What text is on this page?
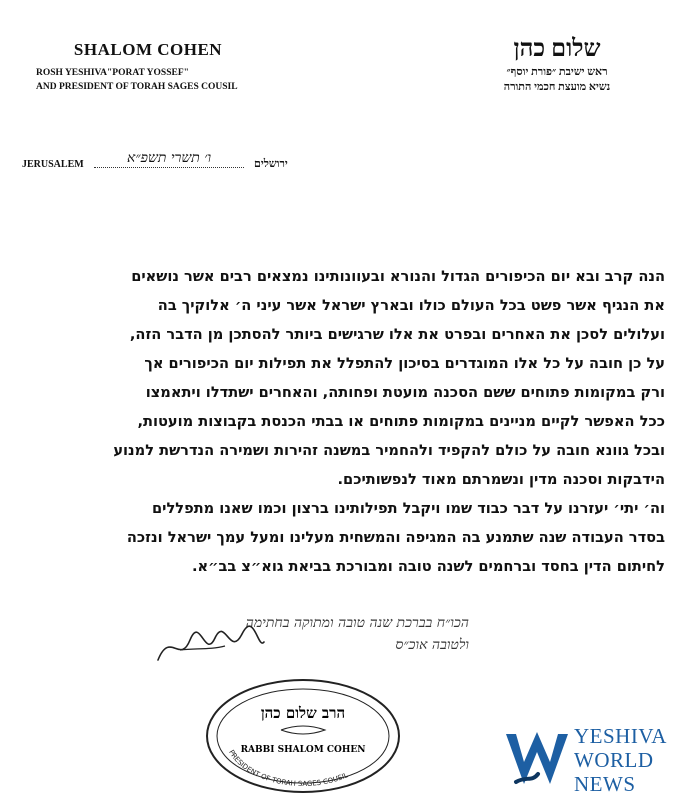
SHALOM COHEN
ROSH YESHIVA"PORAT YOSSEF"
AND PRESIDENT OF TORAH SAGES COUSIL
שלום כהן
ראש ישיבת ״פורת יוסף״
נשיא מועצת חכמי התורה
JERUSALEM	ו׳ תשרי תשפ״א	ירושלים

הנה קרב ובא יום הכיפורים הגדול והנורא ובעוונותינו נמצאים רבים אשר נושאים

את הנגיף אשר פשט בכל העולם כולו ובארץ ישראל אשר עיני ה׳ אלוקיך בה

ועלולים לסכן את האחרים ובפרט את אלו שרגישים ביותר להסתכן מן הדבר הזה,

על כן חובה על כל אלו המוגדרים בסיכון להתפלל את תפילות יום הכיפורים אך

ורק במקומות פתוחים ששם הסכנה מועטת ופחותה, והאחרים ישתדלו ויתאמצו

ככל האפשר לקיים מניינים במקומות פתוחים או בבתי הכנסת בקבוצות מועטות,

ובכל גוונא חובה על כולם להקפיד ולהחמיר במשנה זהירות ושמירה הנדרשת למנוע

הידבקות וסכנה מדין ונשמרתם מאוד לנפשותיכם.

וה׳ יתי׳ יעזרנו על דבר כבוד שמו ויקבל תפילותינו ברצון וכמו שאנו מתפללים

בסדר העבודה שנה שתמנע בה המגיפה והמשחית מעלינו ומעל עמך ישראל ונזכה

לחיתום הדין בחסד וברחמים לשנה טובה ומבורכת בביאת גוא״צ בב״א.

הכו״ח בברכת שנה טובה ומתוקה בחתימה
ולטובה אוכ״ס
PRESIDENT OF TORAH SAGES COUSIL
הרב שלום כהן
RABBI SHALOM COHEN
YESHIVA
WORLD
NEWS
